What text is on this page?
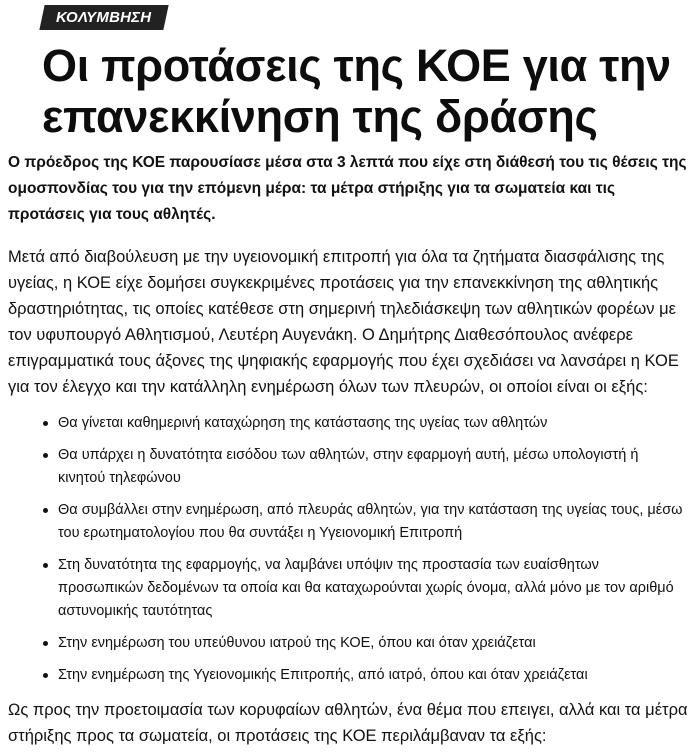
ΚΟΛΥΜΒΗΣΗ
Οι προτάσεις της ΚΟΕ για την επανεκκίνηση της δράσης

Ο πρόεδρος της ΚΟΕ παρουσίασε μέσα στα 3 λεπτά που είχε στη διάθεσή του τις θέσεις της ομοσπονδίας του για την επόμενη μέρα: τα μέτρα στήριξης για τα σωματεία και τις προτάσεις για τους αθλητές.

Μετά από διαβούλευση με την υγειονομική επιτροπή για όλα τα ζητήματα διασφάλισης της υγείας, η ΚΟΕ είχε δομήσει συγκεκριμένες προτάσεις για την επανεκκίνηση της αθλητικής δραστηριότητας, τις οποίες κατέθεσε στη σημερινή τηλεδιάσκεψη των αθλητικών φορέων με τον υφυπουργό Αθλητισμού, Λευτέρη Αυγενάκη. Ο Δημήτρης Διαθεσόπουλος ανέφερε επιγραμματικά τους άξονες της ψηφιακής εφαρμογής που έχει σχεδιάσει να λανσάρει η ΚΟΕ για τον έλεγχο και την κατάλληλη ενημέρωση όλων των πλευρών, οι οποίοι είναι οι εξής:

Θα γίνεται καθημερινή καταχώρηση της κατάστασης της υγείας των αθλητών
Θα υπάρχει η δυνατότητα εισόδου των αθλητών, στην εφαρμογή αυτή, μέσω υπολογιστή ή κινητού τηλεφώνου
Θα συμβάλλει στην ενημέρωση, από πλευράς αθλητών, για την κατάσταση της υγείας τους, μέσω του ερωτηματολογίου που θα συντάξει η Υγειονομική Επιτροπή
Στη δυνατότητα της εφαρμογής, να λαμβάνει υπόψιν της προστασία των ευαίσθητων προσωπικών δεδομένων τα οποία και θα καταχωρούνται χωρίς όνομα, αλλά μόνο με τον αριθμό αστυνομικής ταυτότητας
Στην ενημέρωση του υπεύθυνου ιατρού της ΚΟΕ, όπου και όταν χρειάζεται
Στην ενημέρωση της Υγειονομικής Επιτροπής, από ιατρό, όπου και όταν χρειάζεται

Ως προς την προετοιμασία των κορυφαίων αθλητών, ένα θέμα που επειγει, αλλά και τα μέτρα στήριξης προς τα σωματεία, οι προτάσεις της ΚΟΕ περιλάμβαναν τα εξής:
